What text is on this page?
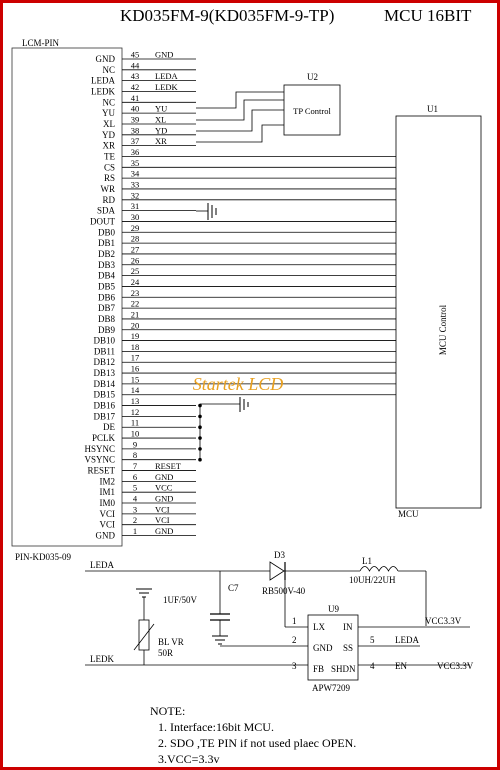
KD035FM-9(KD035FM-9-TP)	MCU 16BIT
LCM-PIN
PIN-KD035-09
GND 45 GND
NC 44
LEDA 43 LEDA
LEDK 42 LEDK
NC 41
YU 40 YU
XL 39 XL
YD 38 YD
XR 37 XR
TE 36
CS 35
RS 34
WR 33
RD 32
SDA 31
DOUT 30
DB0 29
DB1 28
DB2 27
DB3 26
DB4 25
DB5 24
DB6 23
DB7 22
DB8 21
DB9 20
DB10 19
DB11 18
DB12 17
DB13 16
DB14 15
DB15 14
DB16 13
DB17 12
DE 11
PCLK 10
HSYNC 9
VSYNC 8
RESET 7 RESET
IM2 6 GND
IM1 5 VCC
IM0 4 GND
VCI 3 VCI
VCI 2 VCI
GND 1 GND
U2
TP Control	U1
MCU Control
MCU
D3
RB500V-40
L1
10UH/22UH
C7
1UF/50V
BL VR
50R
U9
APW7209
LX IN
GND SS
FB SHDN
1
2
3
5
4
LEDA
LEDK
VCC3.3V
LEDA
EN	VCC3.3V
Startek LCD
NOTE:
1. Interface:16bit MCU.
2. SDO ,TE PIN if not used plaec OPEN.
3.VCC=3.3v
